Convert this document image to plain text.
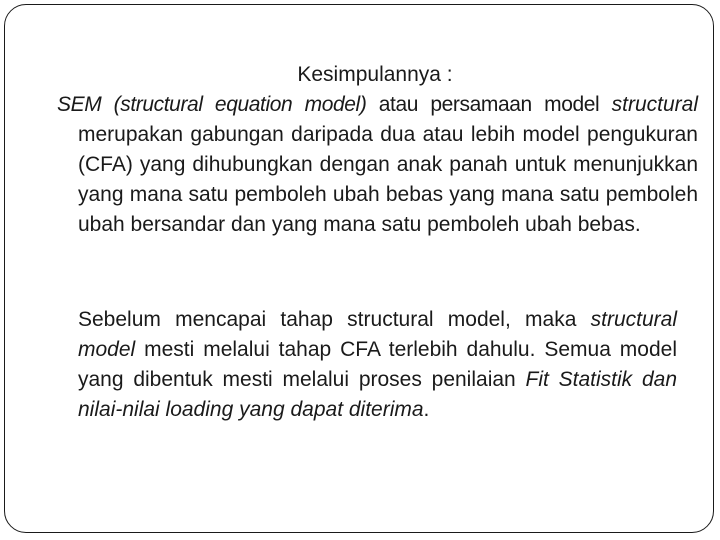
Kesimpulannya :
SEM (structural equation model) atau persamaan model structural merupakan gabungan daripada dua atau lebih model pengukuran (CFA) yang dihubungkan dengan anak panah untuk menunjukkan yang mana satu pemboleh ubah bebas yang mana satu pemboleh ubah bersandar dan yang mana satu pemboleh ubah bebas.
Sebelum mencapai tahap structural model, maka structural model mesti melalui tahap CFA terlebih dahulu. Semua model yang dibentuk mesti melalui proses penilaian Fit Statistik dan nilai-nilai loading yang dapat diterima.
